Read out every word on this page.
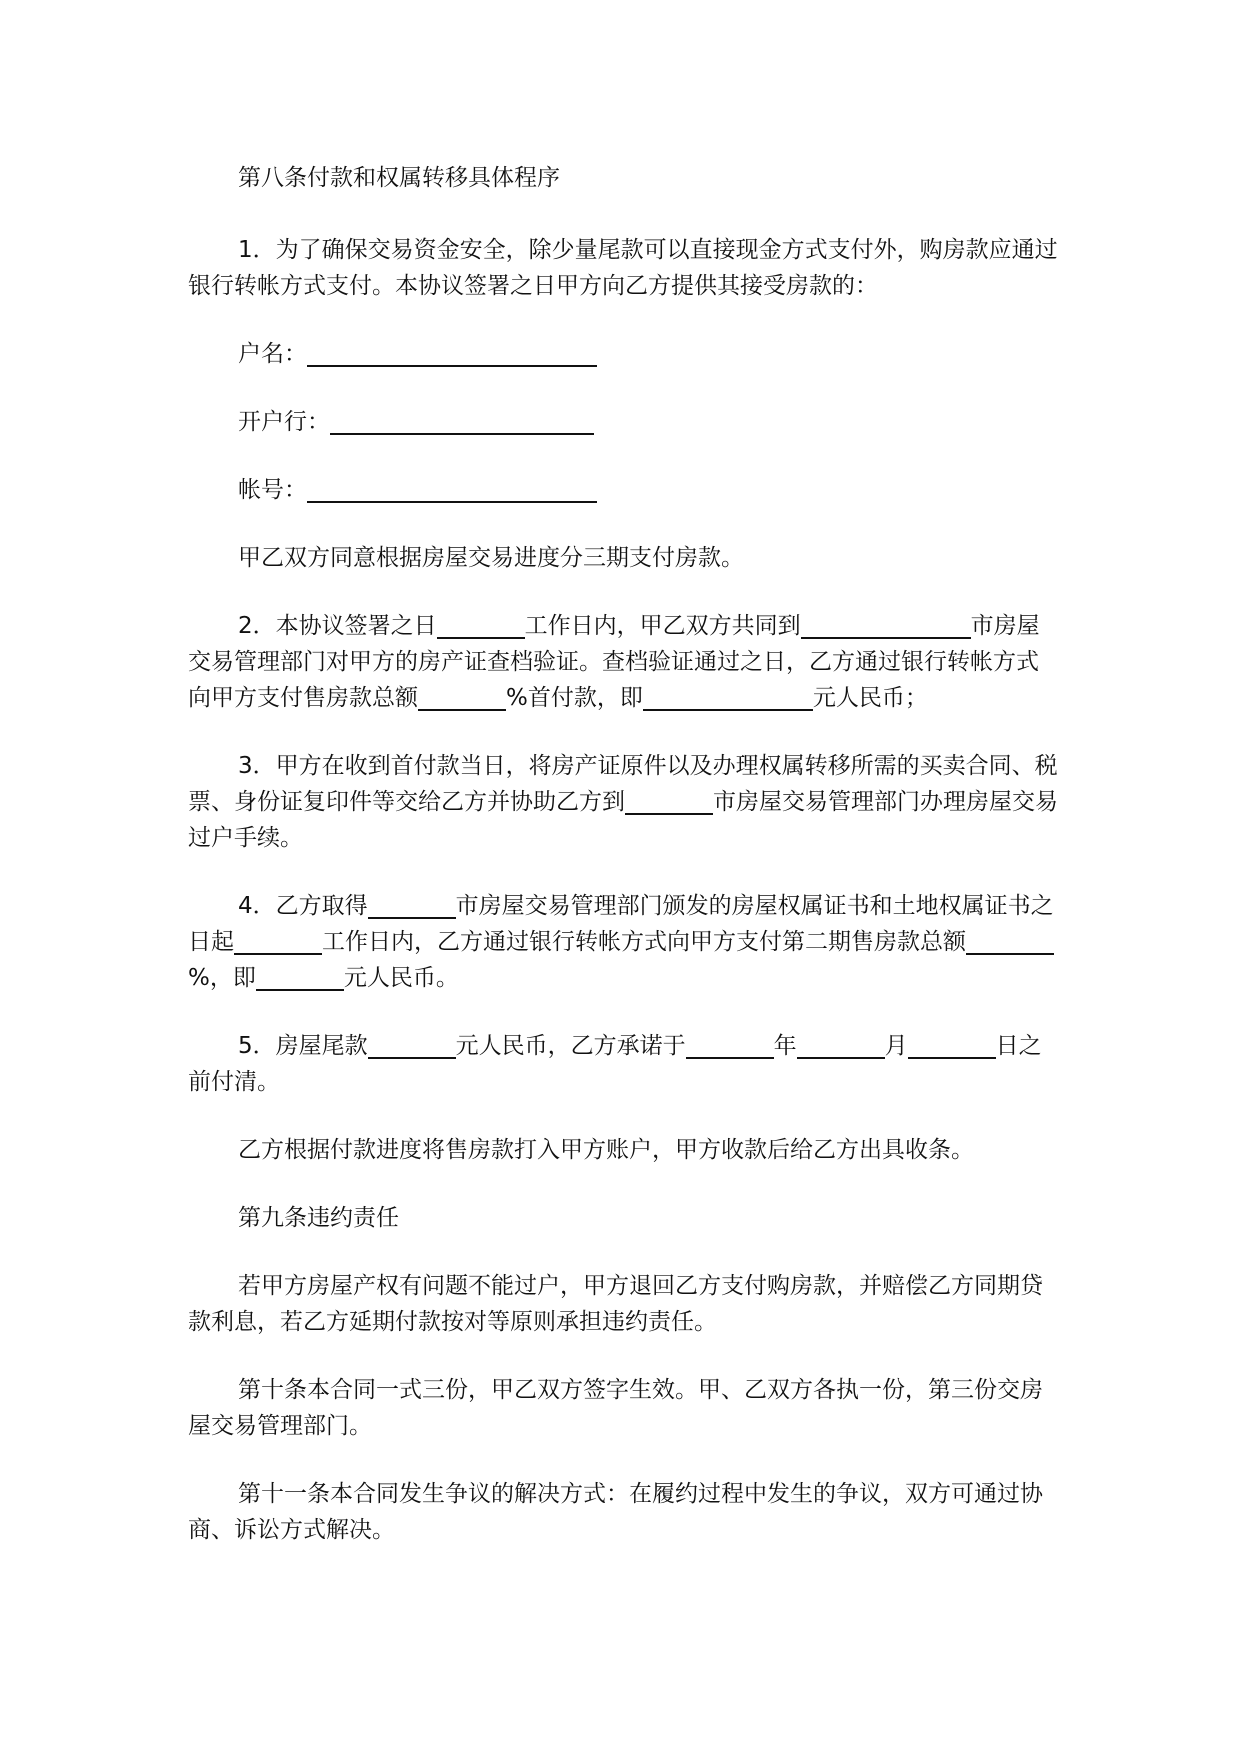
第八条付款和权属转移具体程序

1．为了确保交易资金安全，除少量尾款可以直接现金方式支付外，购房款应通过银行转帐方式支付。本协议签署之日甲方向乙方提供其接受房款的：

户名：

开户行：

帐号：

甲乙双方同意根据房屋交易进度分三期支付房款。

2．本协议签署之日	工作日内，甲乙双方共同到	市房屋交易管理部门对甲方的房产证查档验证。查档验证通过之日，乙方通过银行转帐方式向甲方支付售房款总额	%首付款，即	元人民币；

3．甲方在收到首付款当日，将房产证原件以及办理权属转移所需的买卖合同、税票、身份证复印件等交给乙方并协助乙方到	市房屋交易管理部门办理房屋交易过户手续。

4．乙方取得	市房屋交易管理部门颁发的房屋权属证书和土地权属证书之日起	工作日内，乙方通过银行转帐方式向甲方支付第二期售房款总额%，即	元人民币。

5．房屋尾款	元人民币，乙方承诺于	年	月	日之前付清。

乙方根据付款进度将售房款打入甲方账户，甲方收款后给乙方出具收条。

第九条违约责任

若甲方房屋产权有问题不能过户，甲方退回乙方支付购房款，并赔偿乙方同期贷款利息，若乙方延期付款按对等原则承担违约责任。

第十条本合同一式三份，甲乙双方签字生效。甲、乙双方各执一份，第三份交房屋交易管理部门。

第十一条本合同发生争议的解决方式：在履约过程中发生的争议，双方可通过协商、诉讼方式解决。
